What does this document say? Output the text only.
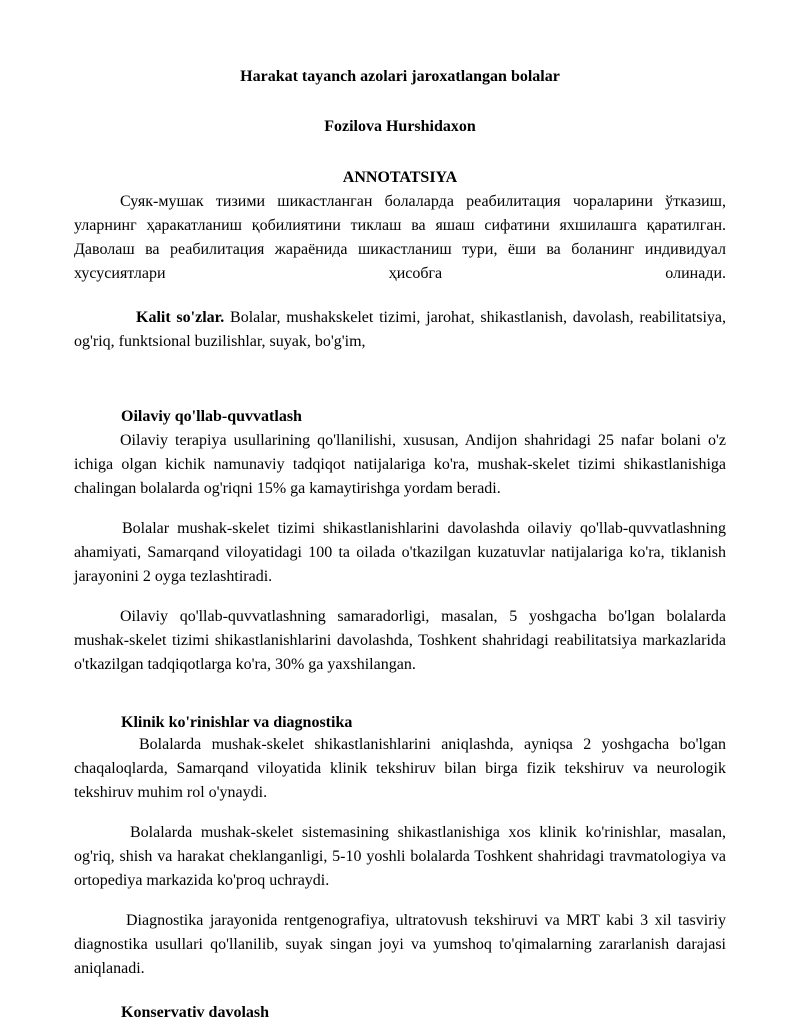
Harakat tayanch azolari jaroxatlangan bolalar

Fozilova Hurshidaxon

ANNOTATSIYA

Суяк-мушак тизими шикастланган болаларда реабилитация чораларини ўтказиш, уларнинг ҳаракатланиш қобилиятини тиклаш ва яшаш сифатини яхшилашга қаратилган. Даволаш ва реабилитация жараёнида шикастланиш тури, ёши ва боланинг индивидуал хусусиятлари ҳисобга олинади.

Kalit so'zlar. Bolalar, mushakskelet tizimi, jarohat, shikastlanish, davolash, reabilitatsiya, og'riq, funktsional buzilishlar, suyak, bo'g'im,

Oilaviy qo'llab-quvvatlash

Oilaviy terapiya usullarining qo'llanilishi, xususan, Andijon shahridagi 25 nafar bolani o'z ichiga olgan kichik namunaviy tadqiqot natijalariga ko'ra, mushak-skelet tizimi shikastlanishiga chalingan bolalarda og'riqni 15% ga kamaytirishga yordam beradi.

Bolalar mushak-skelet tizimi shikastlanishlarini davolashda oilaviy qo'llab-quvvatlashning ahamiyati, Samarqand viloyatidagi 100 ta oilada o'tkazilgan kuzatuvlar natijalariga ko'ra, tiklanish jarayonini 2 oyga tezlashtiradi.

Oilaviy qo'llab-quvvatlashning samaradorligi, masalan, 5 yoshgacha bo'lgan bolalarda mushak-skelet tizimi shikastlanishlarini davolashda, Toshkent shahridagi reabilitatsiya markazlarida o'tkazilgan tadqiqotlarga ko'ra, 30% ga yaxshilangan.

Klinik ko'rinishlar va diagnostika

Bolalarda mushak-skelet shikastlanishlarini aniqlashda, ayniqsa 2 yoshgacha bo'lgan chaqaloqlarda, Samarqand viloyatida klinik tekshiruv bilan birga fizik tekshiruv va neurologik tekshiruv muhim rol o'ynaydi.

Bolalarda mushak-skelet sistemasining shikastlanishiga xos klinik ko'rinishlar, masalan, og'riq, shish va harakat cheklanganligi, 5-10 yoshli bolalarda Toshkent shahridagi travmatologiya va ortopediya markazida ko'proq uchraydi.

Diagnostika jarayonida rentgenografiya, ultratovush tekshiruvi va MRT kabi 3 xil tasviriy diagnostika usullari qo'llanilib, suyak singan joyi va yumshoq to'qimalarning zararlanish darajasi aniqlanadi.

Konservativ davolash
